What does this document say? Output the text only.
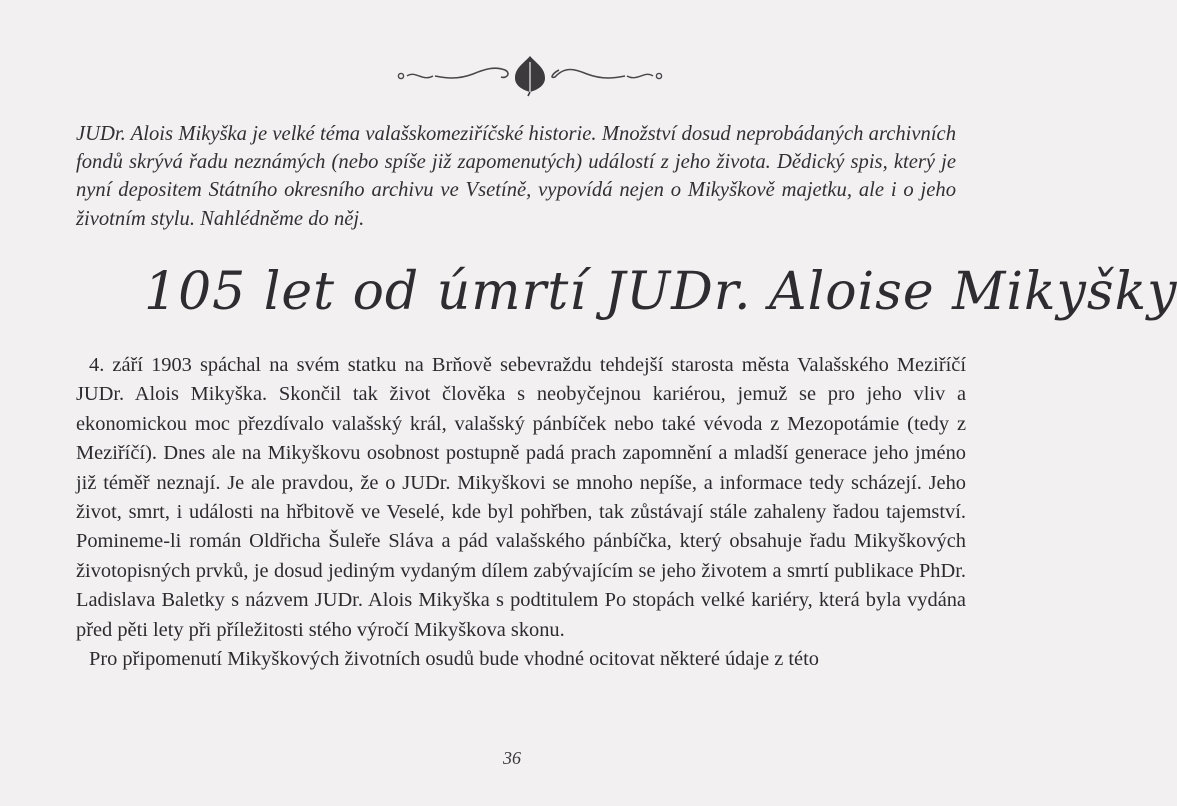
JUDr. Alois Mikyška je velké téma valašskomeziříčské historie. Množství dosud neprobádaných archivních fondů skrývá řadu neznámých (nebo spíše již zapomenutých) událostí z jeho života. Dědický spis, který je nyní depositem Státního okresního archivu ve Vsetíně, vypovídá nejen o Mikyškově majetku, ale i o jeho životním stylu. Nahlédněme do něj.

105 let od úmrtí JUDr. Aloise Mikyšky

4. září 1903 spáchal na svém statku na Brňově sebevraždu tehdejší starosta města Valašského Meziříčí JUDr. Alois Mikyška. Skončil tak život člověka s neobyčejnou kariérou, jemuž se pro jeho vliv a ekonomickou moc přezdívalo valašský král, valašský pánbíček nebo také vévoda z Mezopotámie (tedy z Meziříčí). Dnes ale na Mikyškovu osobnost postupně padá prach zapomnění a mladší generace jeho jméno již téměř neznají. Je ale pravdou, že o JUDr. Mikyškovi se mnoho nepíše, a informace tedy scházejí. Jeho život, smrt, i události na hřbitově ve Veselé, kde byl pohřben, tak zůstávají stále zahaleny řadou tajemství. Pomineme-li román Oldřicha Šuleře Sláva a pád valašského pánbíčka, který obsahuje řadu Mikyškových životopisných prvků, je dosud jediným vydaným dílem zabývajícím se jeho životem a smrtí publikace PhDr. Ladislava Baletky s názvem JUDr. Alois Mikyška s podtitulem Po stopách velké kariéry, která byla vydána před pěti lety při příležitosti stého výročí Mikyškova skonu.

Pro připomenutí Mikyškových životních osudů bude vhodné ocitovat některé údaje z této

36
